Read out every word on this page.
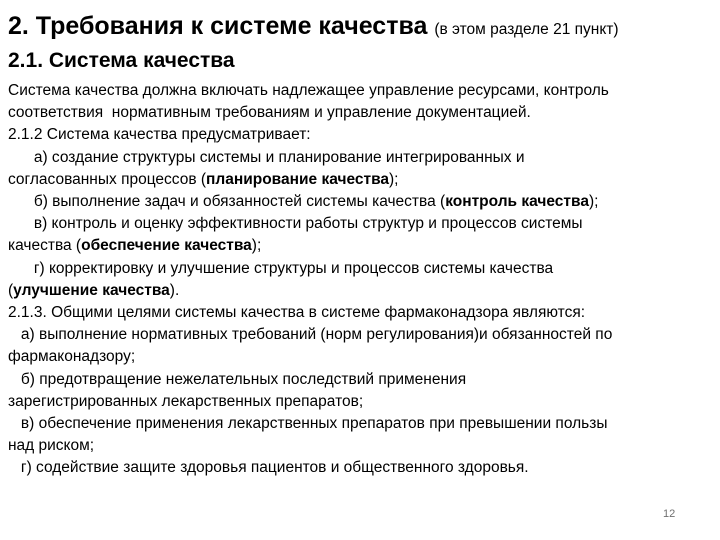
2. Требования к системе качества (в этом разделе 21 пункт)
2.1. Система качества
Система качества должна включать надлежащее управление ресурсами, контроль
соответствия  нормативным требованиям и управление документацией.
2.1.2 Система качества предусматривает:
а) создание структуры системы и планирование интегрированных и
согласованных процессов (планирование качества);
б) выполнение задач и обязанностей системы качества (контроль качества);
в) контроль и оценку эффективности работы структур и процессов системы
качества (обеспечение качества);
г) корректировку и улучшение структуры и процессов системы качества
(улучшение качества).
2.1.3. Общими целями системы качества в системе фармаконадзора являются:
а) выполнение нормативных требований (норм регулирования)и обязанностей по
фармаконадзору;
б) предотвращение нежелательных последствий применения
зарегистрированных лекарственных препаратов;
в) обеспечение применения лекарственных препаратов при превышении пользы
над риском;
г) содействие защите здоровья пациентов и общественного здоровья.
12
